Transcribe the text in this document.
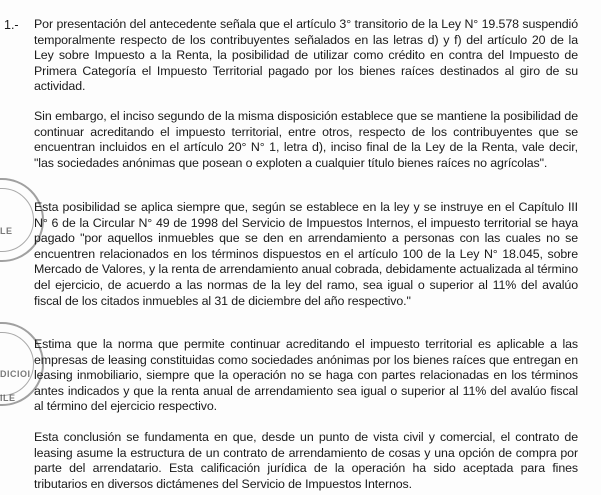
1.-
LE
DICIOI
ILE

Por presentación del antecedente señala que el artículo 3° transitorio de la Ley N° 19.578 suspendió temporalmente respecto de los contribuyentes señalados en las letras d) y f) del artículo 20 de la Ley sobre Impuesto a la Renta, la posibilidad de utilizar como crédito en contra del Impuesto de Primera Categoría el Impuesto Territorial pagado por los bienes raíces destinados al giro de su actividad.

Sin embargo, el inciso segundo de la misma disposición establece que se mantiene la posibilidad de continuar acreditando el impuesto territorial, entre otros, respecto de los contribuyentes que se encuentran incluidos en el artículo 20° N° 1, letra d), inciso final de la Ley de la Renta, vale decir, "las sociedades anónimas que posean o exploten a cualquier título bienes raíces no agrícolas".

Esta posibilidad se aplica siempre que, según se establece en la ley y se instruye en el Capítulo III N° 6 de la Circular N° 49 de 1998 del Servicio de Impuestos Internos, el impuesto territorial se haya pagado "por aquellos inmuebles que se den en arrendamiento a personas con las cuales no se encuentren relacionados en los términos dispuestos en el artículo 100 de la Ley N° 18.045, sobre Mercado de Valores, y la renta de arrendamiento anual cobrada, debidamente actualizada al término del ejercicio, de acuerdo a las normas de la ley del ramo, sea igual o superior al 11% del avalúo fiscal de los citados inmuebles al 31 de diciembre del año respectivo."

Estima que la norma que permite continuar acreditando el impuesto territorial es aplicable a las empresas de leasing constituidas como sociedades anónimas por los bienes raíces que entregan en leasing inmobiliario, siempre que la operación no se haga con partes relacionadas en los términos antes indicados y que la renta anual de arrendamiento sea igual o superior al 11% del avalúo fiscal al término del ejercicio respectivo.

Esta conclusión se fundamenta en que, desde un punto de vista civil y comercial, el contrato de leasing asume la estructura de un contrato de arrendamiento de cosas y una opción de compra por parte del arrendatario. Esta calificación jurídica de la operación ha sido aceptada para fines tributarios en diversos dictámenes del Servicio de Impuestos Internos.
